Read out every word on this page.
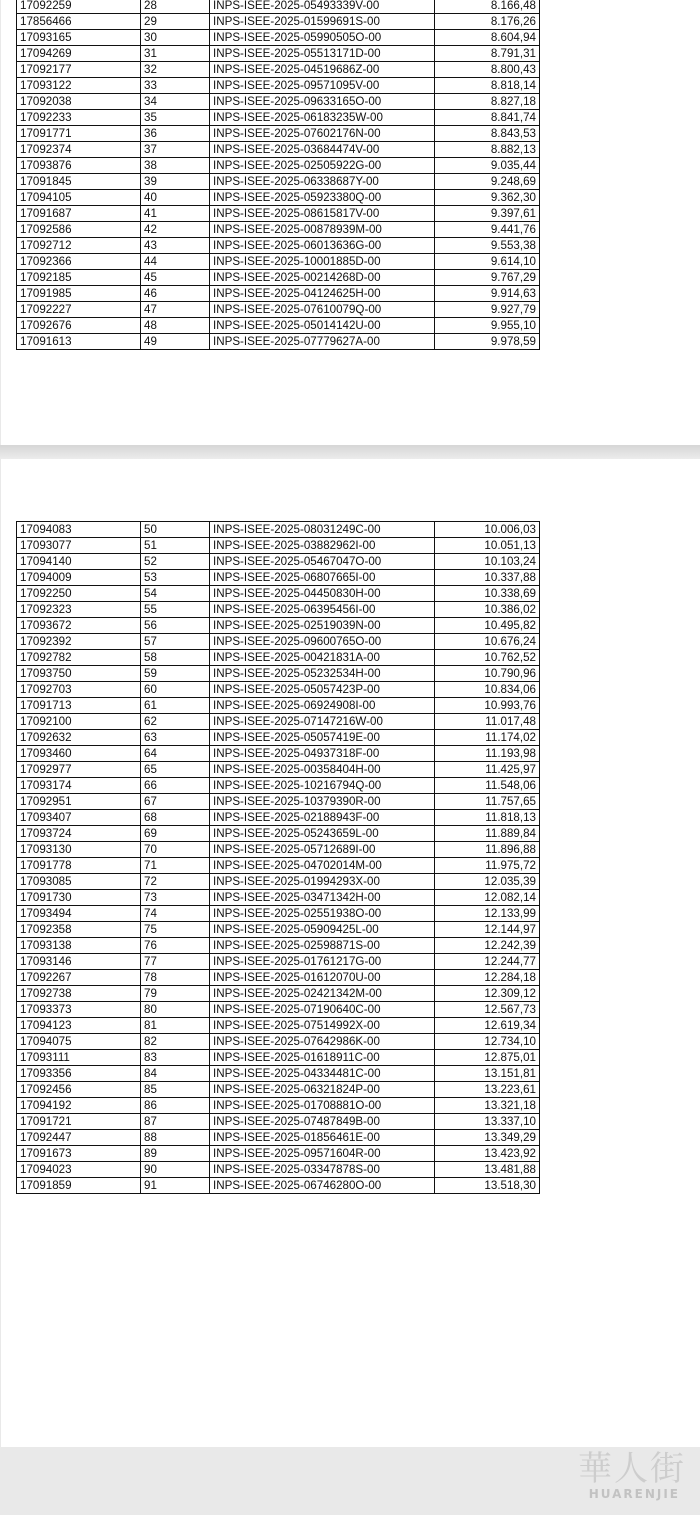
17092259	28	INPS-ISEE-2025-05493339V-00	8.166,48
17856466	29	INPS-ISEE-2025-01599691S-00	8.176,26
17093165	30	INPS-ISEE-2025-05990505O-00	8.604,94
17094269	31	INPS-ISEE-2025-05513171D-00	8.791,31
17092177	32	INPS-ISEE-2025-04519686Z-00	8.800,43
17093122	33	INPS-ISEE-2025-09571095V-00	8.818,14
17092038	34	INPS-ISEE-2025-09633165O-00	8.827,18
17092233	35	INPS-ISEE-2025-06183235W-00	8.841,74
17091771	36	INPS-ISEE-2025-07602176N-00	8.843,53
17092374	37	INPS-ISEE-2025-03684474V-00	8.882,13
17093876	38	INPS-ISEE-2025-02505922G-00	9.035,44
17091845	39	INPS-ISEE-2025-06338687Y-00	9.248,69
17094105	40	INPS-ISEE-2025-05923380Q-00	9.362,30
17091687	41	INPS-ISEE-2025-08615817V-00	9.397,61
17092586	42	INPS-ISEE-2025-00878939M-00	9.441,76
17092712	43	INPS-ISEE-2025-06013636G-00	9.553,38
17092366	44	INPS-ISEE-2025-10001885D-00	9.614,10
17092185	45	INPS-ISEE-2025-00214268D-00	9.767,29
17091985	46	INPS-ISEE-2025-04124625H-00	9.914,63
17092227	47	INPS-ISEE-2025-07610079Q-00	9.927,79
17092676	48	INPS-ISEE-2025-05014142U-00	9.955,10
17091613	49	INPS-ISEE-2025-07779627A-00	9.978,59
17094083	50	INPS-ISEE-2025-08031249C-00	10.006,03
17093077	51	INPS-ISEE-2025-03882962I-00	10.051,13
17094140	52	INPS-ISEE-2025-05467047O-00	10.103,24
17094009	53	INPS-ISEE-2025-06807665I-00	10.337,88
17092250	54	INPS-ISEE-2025-04450830H-00	10.338,69
17092323	55	INPS-ISEE-2025-06395456I-00	10.386,02
17093672	56	INPS-ISEE-2025-02519039N-00	10.495,82
17092392	57	INPS-ISEE-2025-09600765O-00	10.676,24
17092782	58	INPS-ISEE-2025-00421831A-00	10.762,52
17093750	59	INPS-ISEE-2025-05232534H-00	10.790,96
17092703	60	INPS-ISEE-2025-05057423P-00	10.834,06
17091713	61	INPS-ISEE-2025-06924908I-00	10.993,76
17092100	62	INPS-ISEE-2025-07147216W-00	11.017,48
17092632	63	INPS-ISEE-2025-05057419E-00	11.174,02
17093460	64	INPS-ISEE-2025-04937318F-00	11.193,98
17092977	65	INPS-ISEE-2025-00358404H-00	11.425,97
17093174	66	INPS-ISEE-2025-10216794Q-00	11.548,06
17092951	67	INPS-ISEE-2025-10379390R-00	11.757,65
17093407	68	INPS-ISEE-2025-02188943F-00	11.818,13
17093724	69	INPS-ISEE-2025-05243659L-00	11.889,84
17093130	70	INPS-ISEE-2025-05712689I-00	11.896,88
17091778	71	INPS-ISEE-2025-04702014M-00	11.975,72
17093085	72	INPS-ISEE-2025-01994293X-00	12.035,39
17091730	73	INPS-ISEE-2025-03471342H-00	12.082,14
17093494	74	INPS-ISEE-2025-02551938O-00	12.133,99
17092358	75	INPS-ISEE-2025-05909425L-00	12.144,97
17093138	76	INPS-ISEE-2025-02598871S-00	12.242,39
17093146	77	INPS-ISEE-2025-01761217G-00	12.244,77
17092267	78	INPS-ISEE-2025-01612070U-00	12.284,18
17092738	79	INPS-ISEE-2025-02421342M-00	12.309,12
17093373	80	INPS-ISEE-2025-07190640C-00	12.567,73
17094123	81	INPS-ISEE-2025-07514992X-00	12.619,34
17094075	82	INPS-ISEE-2025-07642986K-00	12.734,10
17093111	83	INPS-ISEE-2025-01618911C-00	12.875,01
17093356	84	INPS-ISEE-2025-04334481C-00	13.151,81
17092456	85	INPS-ISEE-2025-06321824P-00	13.223,61
17094192	86	INPS-ISEE-2025-01708881O-00	13.321,18
17091721	87	INPS-ISEE-2025-07487849B-00	13.337,10
17092447	88	INPS-ISEE-2025-01856461E-00	13.349,29
17091673	89	INPS-ISEE-2025-09571604R-00	13.423,92
17094023	90	INPS-ISEE-2025-03347878S-00	13.481,88
17091859	91	INPS-ISEE-2025-06746280O-00	13.518,30
華人街
HUARENJIE
